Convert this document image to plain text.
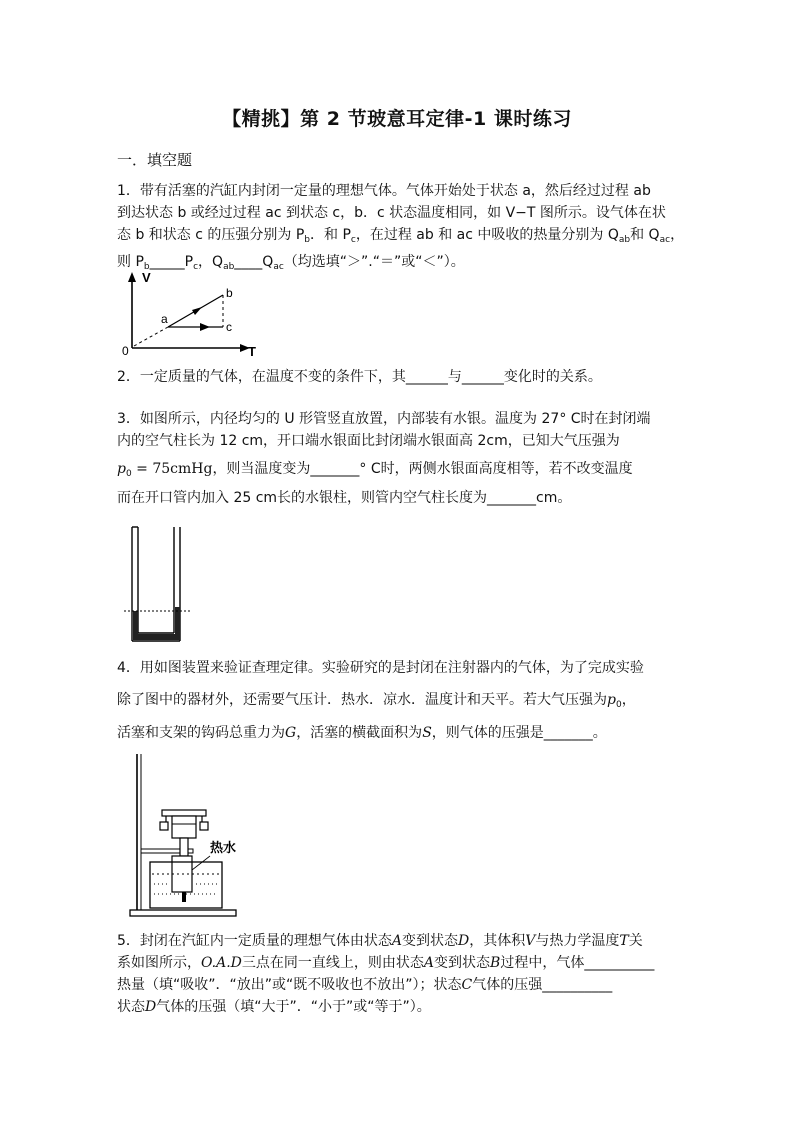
【精挑】第 2 节玻意耳定律-1 课时练习
一．填空题

1．带有活塞的汽缸内封闭一定量的理想气体。气体开始处于状态 a，然后经过过程 ab

到达状态 b 或经过过程 ac 到状态 c，b．c 状态温度相同，如 V−T 图所示。设气体在状

态 b 和状态 c 的压强分别为 $P_b$．和 $P_c$，在过程 ab 和 ac 中吸收的热量分别为 $Q_{ab}$和 $Q_{ac}$，

则 $P_b\_\_\_\_\_P_c$，$Q_{ab}\_\_\_\_Q_{ac}$（均选填“＞”.“＝”或“＜”）。

V
T
0
a
b
c

2．一定质量的气体，在温度不变的条件下，其______与______变化时的关系。

3．如图所示，内径均匀的 U 形管竖直放置，内部装有水银。温度为 27° C时在封闭端

内的空气柱长为 12 cm，开口端水银面比封闭端水银面高 2cm，已知大气压强为

$p_0$ = 75cmHg，则当温度变为_______° C时，两侧水银面高度相等，若不改变温度

而在开口管内加入 25 cm长的水银柱，则管内空气柱长度为_______cm。

4．用如图装置来验证查理定律。实验研究的是封闭在注射器内的气体，为了完成实验

除了图中的器材外，还需要气压计．热水．凉水．温度计和天平。若大气压强为$p_0$，

活塞和支架的钩码总重力为G，活塞的横截面积为S，则气体的压强是_______。

热水

5．封闭在汽缸内一定质量的理想气体由状态A变到状态D，其体积V与热力学温度T关

系如图所示，O.A.D三点在同一直线上，则由状态A变到状态B过程中，气体__________

热量（填“吸收”．“放出”或“既不吸收也不放出”）；状态C气体的压强__________

状态D气体的压强（填“大于”．“小于”或“等于”）。
